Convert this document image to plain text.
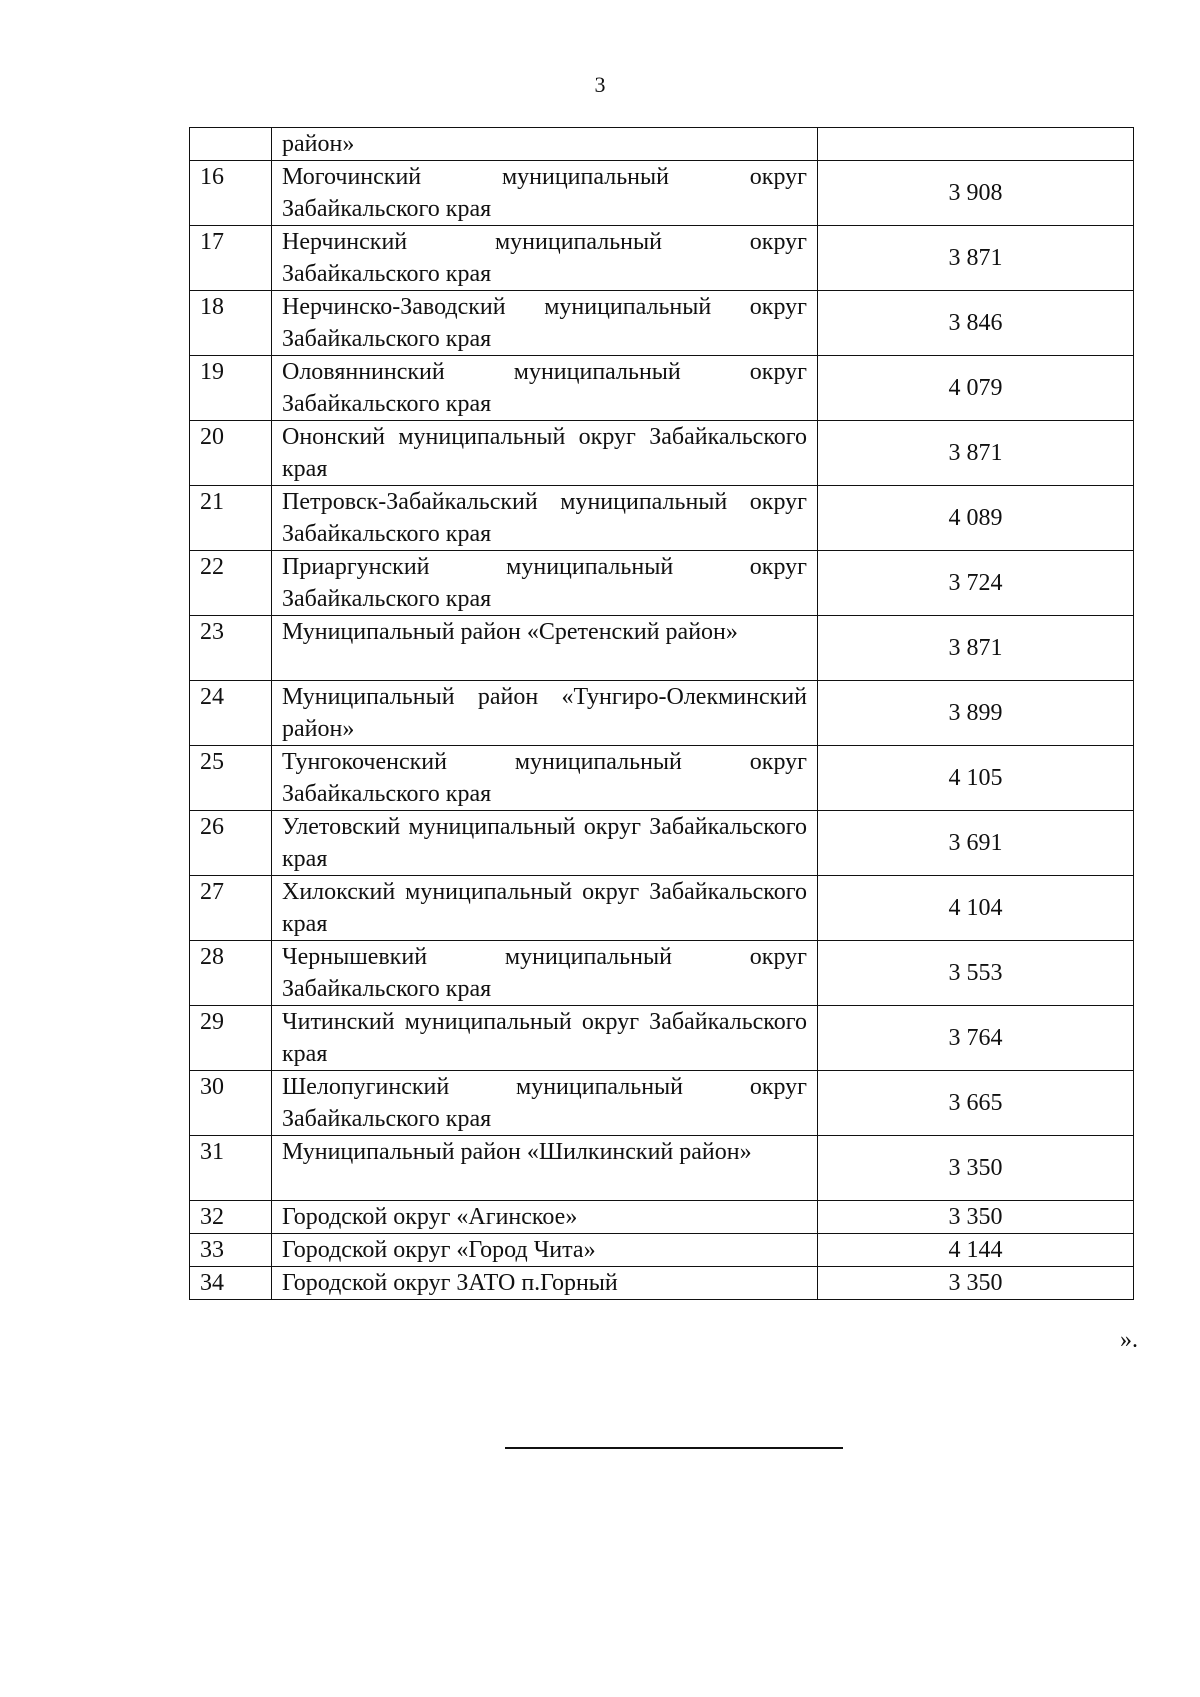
3
	район»	
16	Могочинский муниципальный округ Забайкальского края	3 908
17	Нерчинский муниципальный округ Забайкальского края	3 871
18	Нерчинско-Заводский муниципальный округ Забайкальского края	3 846
19	Оловяннинский муниципальный округ Забайкальского края	4 079
20	Ононский муниципальный округ Забайкальского края	3 871
21	Петровск-Забайкальский муниципальный округ Забайкальского края	4 089
22	Приаргунский муниципальный округ Забайкальского края	3 724
23	Муниципальный район «Сретенский район»	3 871
24	Муниципальный район «Тунгиро-Олекминский район»	3 899
25	Тунгокоченский муниципальный округ Забайкальского края	4 105
26	Улетовский муниципальный округ Забайкальского края	3 691
27	Хилокский муниципальный округ Забайкальского края	4 104
28	Чернышевкий муниципальный округ Забайкальского края	3 553
29	Читинский муниципальный округ Забайкальского края	3 764
30	Шелопугинский муниципальный округ Забайкальского края	3 665
31	Муниципальный район «Шилкинский район»	3 350
32	Городской округ «Агинское»	3 350
33	Городской округ «Город Чита»	4 144
34	Городской округ ЗАТО п.Горный	3 350
».
